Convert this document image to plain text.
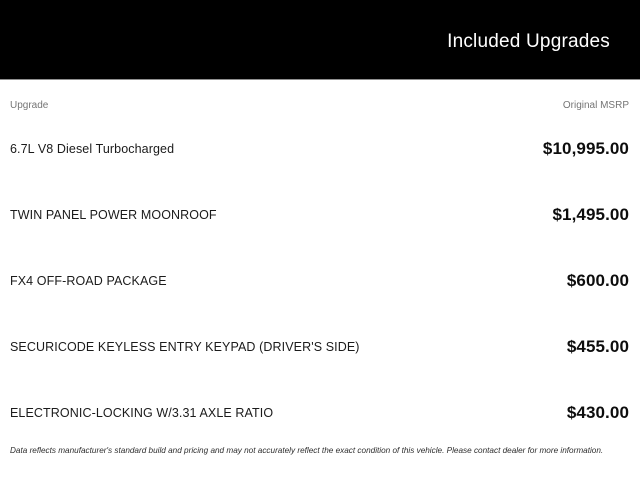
Included Upgrades
Upgrade	Original MSRP
6.7L V8 Diesel Turbocharged	$10,995.00
TWIN PANEL POWER MOONROOF	$1,495.00
FX4 OFF-ROAD PACKAGE	$600.00
SECURICODE KEYLESS ENTRY KEYPAD (DRIVER'S SIDE)	$455.00
ELECTRONIC-LOCKING W/3.31 AXLE RATIO	$430.00
Data reflects manufacturer's standard build and pricing and may not accurately reflect the exact condition of this vehicle. Please contact dealer for more information.
